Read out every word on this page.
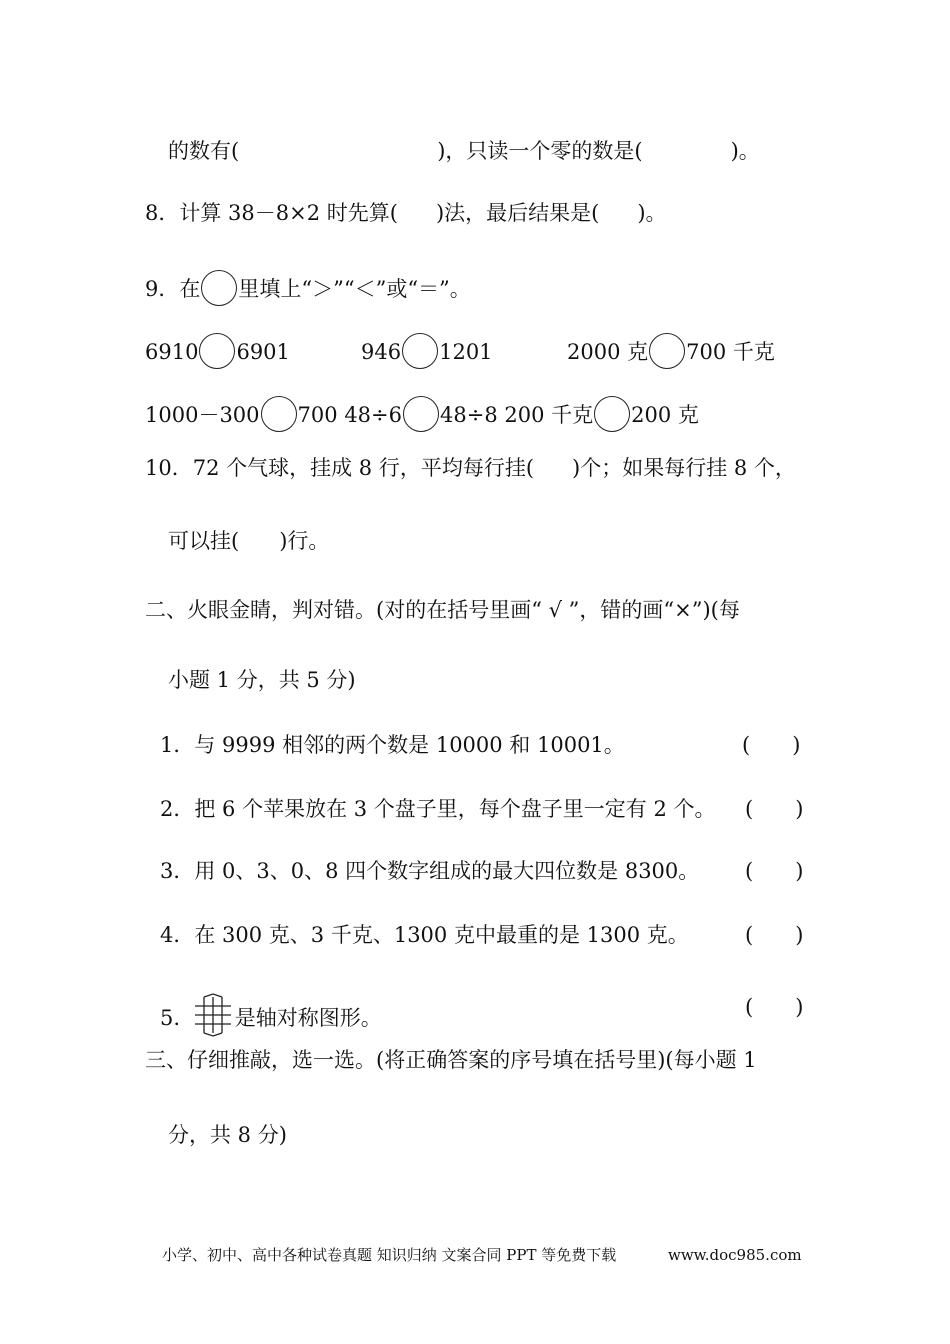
的数有(	)，只读一个零的数是(	)。
8．计算 38－8×2 时先算( )法，最后结果是( )。
9．在 里填上“＞”“＜”或“＝”。
6910 6901	946 1201	2000 克 700 千克
1000－300 700 48÷6 48÷8 200 千克 200 克
10．72 个气球，挂成 8 行，平均每行挂( )个；如果每行挂 8 个，
可以挂( )行。
二、火眼金睛，判对错。(对的在括号里画“ √ ”，错的画“×”)(每
小题 1 分，共 5 分)
1．与 9999 相邻的两个数是 10000 和 10001。	(　　)
2．把 6 个苹果放在 3 个盘子里，每个盘子里一定有 2 个。 (　　)
3．用 0、3、0、8 四个数字组成的最大四位数是 8300。 (　　)
4．在 300 克、3 千克、1300 克中最重的是 1300 克。	(　　)
5.	是轴对称图形。	(　　)
三、仔细推敲，选一选。(将正确答案的序号填在括号里)(每小题 1
分，共 8 分)
小学、初中、高中各种试卷真题 知识归纳 文案合同 PPT 等免费下载	www.doc985.com
